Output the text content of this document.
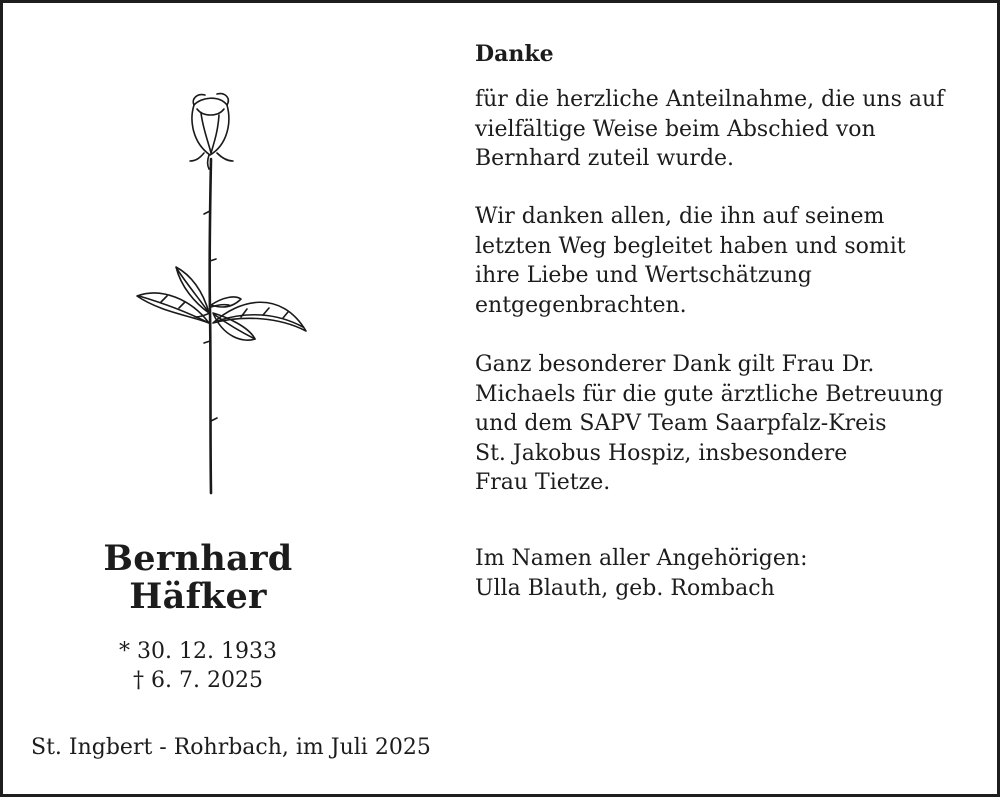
Bernhard
Häfker
* 30. 12. 1933
† 6. 7. 2025
St. Ingbert - Rohrbach, im Juli 2025
Danke
für die herzliche Anteilnahme, die uns auf
vielfältige Weise beim Abschied von
Bernhard zuteil wurde.
Wir danken allen, die ihn auf seinem
letzten Weg begleitet haben und somit
ihre Liebe und Wertschätzung
entgegenbrachten.
Ganz besonderer Dank gilt Frau Dr.
Michaels für die gute ärztliche Betreuung
und dem SAPV Team Saarpfalz-Kreis
St. Jakobus Hospiz, insbesondere
Frau Tietze.
Im Namen aller Angehörigen:
Ulla Blauth, geb. Rombach
